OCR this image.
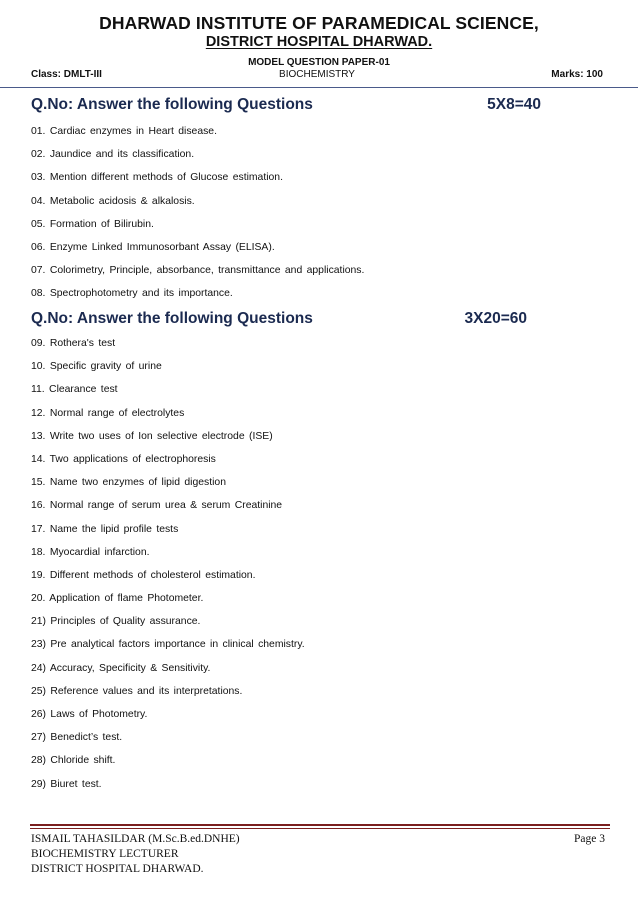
DHARWAD INSTITUTE OF PARAMEDICAL SCIENCE,
DISTRICT HOSPITAL DHARWAD.
MODEL QUESTION PAPER-01
BIOCHEMISTRY
Class: DMLT-III	Marks: 100
Q.No: Answer the following Questions	5X8=40
01. Cardiac enzymes in Heart disease.
02. Jaundice and its classification.
03. Mention different methods of Glucose estimation.
04. Metabolic acidosis & alkalosis.
05. Formation of Bilirubin.
06. Enzyme Linked Immunosorbant Assay (ELISA).
07. Colorimetry, Principle, absorbance, transmittance and applications.
08. Spectrophotometry and its importance.
Q.No: Answer the following Questions	3X20=60
09. Rothera's test
10. Specific gravity of urine
11. Clearance test
12. Normal range of electrolytes
13. Write two uses of Ion selective electrode (ISE)
14. Two applications of electrophoresis
15. Name two enzymes of lipid digestion
16. Normal range of serum urea & serum Creatinine
17. Name the lipid profile tests
18. Myocardial infarction.
19. Different methods of cholesterol estimation.
20. Application of flame Photometer.
21) Principles of Quality assurance.
23) Pre analytical factors importance in clinical chemistry.
24) Accuracy, Specificity & Sensitivity.
25) Reference values and its interpretations.
26) Laws of Photometry.
27) Benedict’s test.
28) Chloride shift.
29) Biuret test.
ISMAIL TAHASILDAR (M.Sc.B.ed.DNHE)
BIOCHEMISTRY LECTURER
DISTRICT HOSPITAL DHARWAD.
Page 3
